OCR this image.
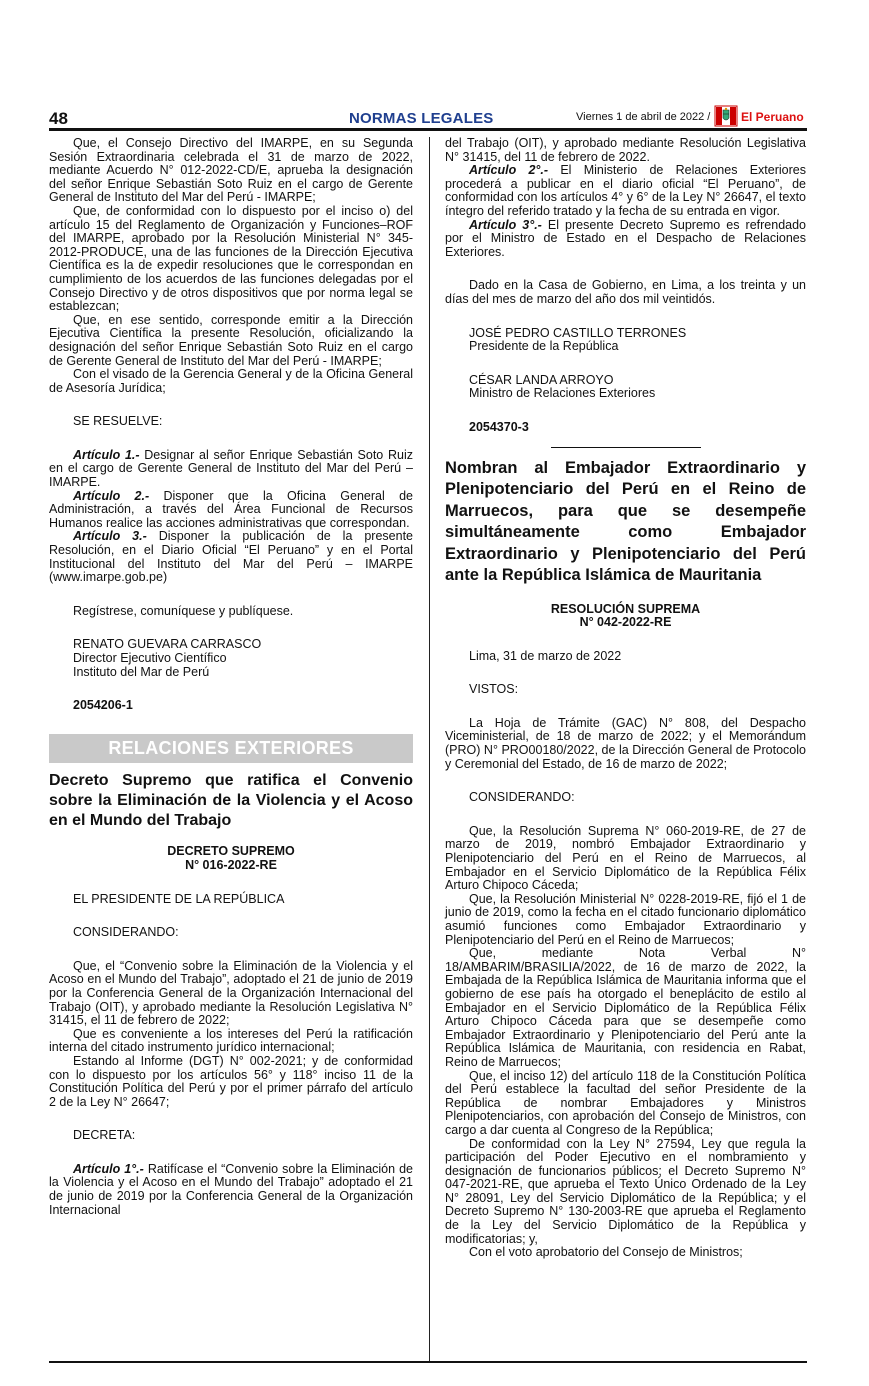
48	NORMAS LEGALES	Viernes 1 de abril de 2022 /	El Peruano

Que, el Consejo Directivo del IMARPE, en su Segunda Sesión Extraordinaria celebrada el 31 de marzo de 2022, mediante Acuerdo N° 012-2022-CD/E, aprueba la designación del señor Enrique Sebastián Soto Ruiz en el cargo de Gerente General de Instituto del Mar del Perú - IMARPE;

Que, de conformidad con lo dispuesto por el inciso o) del artículo 15 del Reglamento de Organización y Funciones–ROF del IMARPE, aprobado por la Resolución Ministerial N° 345-2012-PRODUCE, una de las funciones de la Dirección Ejecutiva Científica es la de expedir resoluciones que le correspondan en cumplimiento de los acuerdos de las funciones delegadas por el Consejo Directivo y de otros dispositivos que por norma legal se establezcan;

Que, en ese sentido, corresponde emitir a la Dirección Ejecutiva Científica la presente Resolución, oficializando la designación del señor Enrique Sebastián Soto Ruiz en el cargo de Gerente General de Instituto del Mar del Perú - IMARPE;

Con el visado de la Gerencia General y de la Oficina General de Asesoría Jurídica;

SE RESUELVE:

Artículo 1.- Designar al señor Enrique Sebastián Soto Ruiz en el cargo de Gerente General de Instituto del Mar del Perú – IMARPE.

Artículo 2.- Disponer que la Oficina General de Administración, a través del Área Funcional de Recursos Humanos realice las acciones administrativas que correspondan.

Artículo 3.- Disponer la publicación de la presente Resolución, en el Diario Oficial “El Peruano” y en el Portal Institucional del Instituto del Mar del Perú – IMARPE (www.imarpe.gob.pe)

Regístrese, comuníquese y publíquese.

RENATO GUEVARA CARRASCO

Director Ejecutivo Científico

Instituto del Mar de Perú

2054206-1

RELACIONES EXTERIORES

Decreto Supremo que ratifica el Convenio sobre la Eliminación de la Violencia y el Acoso en el Mundo del Trabajo

DECRETO SUPREMO

N° 016-2022-RE

EL PRESIDENTE DE LA REPÚBLICA

CONSIDERANDO:

Que, el “Convenio sobre la Eliminación de la Violencia y el Acoso en el Mundo del Trabajo”, adoptado el 21 de junio de 2019 por la Conferencia General de la Organización Internacional del Trabajo (OIT), y aprobado mediante la Resolución Legislativa N° 31415, el 11 de febrero de 2022;

Que es conveniente a los intereses del Perú la ratificación interna del citado instrumento jurídico internacional;

Estando al Informe (DGT) N° 002-2021; y de conformidad con lo dispuesto por los artículos 56° y 118° inciso 11 de la Constitución Política del Perú y por el primer párrafo del artículo 2 de la Ley N° 26647;

DECRETA:

Artículo 1°.- Ratifícase el “Convenio sobre la Eliminación de la Violencia y el Acoso en el Mundo del Trabajo” adoptado el 21 de junio de 2019 por la Conferencia General de la Organización Internacional

del Trabajo (OIT), y aprobado mediante Resolución Legislativa N° 31415, del 11 de febrero de 2022.

Artículo 2°.- El Ministerio de Relaciones Exteriores procederá a publicar en el diario oficial “El Peruano”, de conformidad con los artículos 4° y 6° de la Ley N° 26647, el texto íntegro del referido tratado y la fecha de su entrada en vigor.

Artículo 3°.- El presente Decreto Supremo es refrendado por el Ministro de Estado en el Despacho de Relaciones Exteriores.

Dado en la Casa de Gobierno, en Lima, a los treinta y un días del mes de marzo del año dos mil veintidós.

JOSÉ PEDRO CASTILLO TERRONES

Presidente de la República

CÉSAR LANDA ARROYO

Ministro de Relaciones Exteriores

2054370-3

Nombran al Embajador Extraordinario y Plenipotenciario del Perú en el Reino de Marruecos, para que se desempeñe simultáneamente como Embajador Extraordinario y Plenipotenciario del Perú ante la República Islámica de Mauritania

RESOLUCIÓN SUPREMA

N° 042-2022-RE

Lima, 31 de marzo de 2022

VISTOS:

La Hoja de Trámite (GAC) N° 808, del Despacho Viceministerial, de 18 de marzo de 2022; y el Memorándum (PRO) N° PRO00180/2022, de la Dirección General de Protocolo y Ceremonial del Estado, de 16 de marzo de 2022;

CONSIDERANDO:

Que, la Resolución Suprema N° 060-2019-RE, de 27 de marzo de 2019, nombró Embajador Extraordinario y Plenipotenciario del Perú en el Reino de Marruecos, al Embajador en el Servicio Diplomático de la República Félix Arturo Chipoco Cáceda;

Que, la Resolución Ministerial N° 0228-2019-RE, fijó el 1 de junio de 2019, como la fecha en el citado funcionario diplomático asumió funciones como Embajador Extraordinario y Plenipotenciario del Perú en el Reino de Marruecos;

Que, mediante Nota Verbal N° 18/AMBARIM/BRASILIA/2022, de 16 de marzo de 2022, la Embajada de la República Islámica de Mauritania informa que el gobierno de ese país ha otorgado el beneplácito de estilo al Embajador en el Servicio Diplomático de la República Félix Arturo Chipoco Cáceda para que se desempeñe como Embajador Extraordinario y Plenipotenciario del Perú ante la República Islámica de Mauritania, con residencia en Rabat, Reino de Marruecos;

Que, el inciso 12) del artículo 118 de la Constitución Política del Perú establece la facultad del señor Presidente de la República de nombrar Embajadores y Ministros Plenipotenciarios, con aprobación del Consejo de Ministros, con cargo a dar cuenta al Congreso de la República;

De conformidad con la Ley N° 27594, Ley que regula la participación del Poder Ejecutivo en el nombramiento y designación de funcionarios públicos; el Decreto Supremo N° 047-2021-RE, que aprueba el Texto Único Ordenado de la Ley N° 28091, Ley del Servicio Diplomático de la República; y el Decreto Supremo N° 130-2003-RE que aprueba el Reglamento de la Ley del Servicio Diplomático de la República y modificatorias; y,

Con el voto aprobatorio del Consejo de Ministros;
